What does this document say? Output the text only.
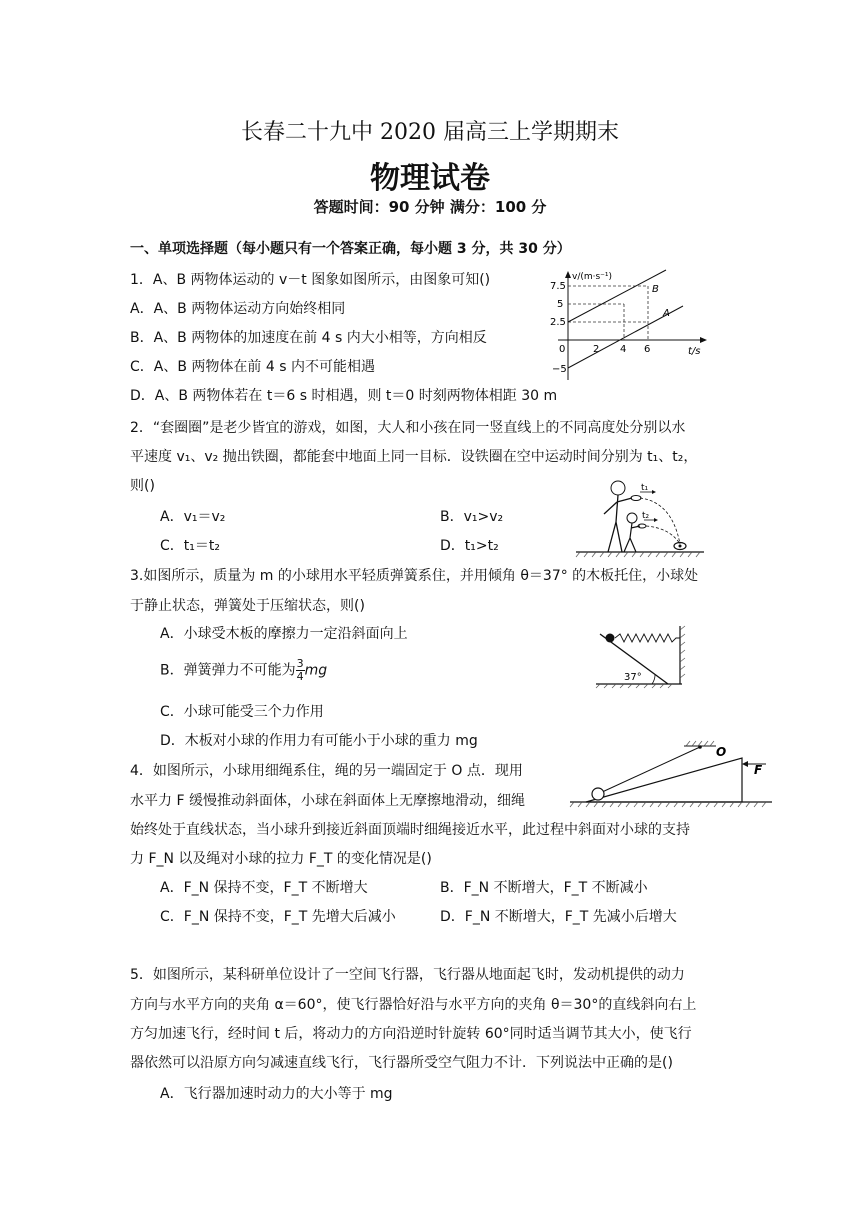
长春二十九中 2020 届高三上学期期末
物理试卷
答题时间：90 分钟 满分：100 分
一、单项选择题（每小题只有一个答案正确，每小题 3 分，共 30 分）
1．A、B 两物体运动的 v－t 图象如图所示，由图象可知()
A．A、B 两物体运动方向始终相同
B．A、B 两物体的加速度在前 4 s 内大小相等，方向相反
C．A、B 两物体在前 4 s 内不可能相遇
D．A、B 两物体若在 t＝6 s 时相遇，则 t＝0 时刻两物体相距 30 m
v/(m·s⁻¹)
t/s
7.5
5
2.5
0
−5
2 4 6
B
A
2．“套圈圈”是老少皆宜的游戏，如图，大人和小孩在同一竖直线上的不同高度处分别以水
平速度 v₁、v₂ 抛出铁圈，都能套中地面上同一目标．设铁圈在空中运动时间分别为 t₁、t₂，
则()
A．v₁＝v₂	B．v₁>v₂
C．t₁＝t₂	D．t₁>t₂
t₁
t₂
3.如图所示，质量为 m 的小球用水平轻质弹簧系住，并用倾角 θ＝37° 的木板托住，小球处
于静止状态，弹簧处于压缩状态，则()
A．小球受木板的摩擦力一定沿斜面向上
B．弹簧弹力不可能为 $\frac{3}{4}$ mg
C．小球可能受三个力作用
D．木板对小球的作用力有可能小于小球的重力 mg
37°
4．如图所示，小球用细绳系住，绳的另一端固定于 O 点．现用
水平力 F 缓慢推动斜面体，小球在斜面体上无摩擦地滑动，细绳
始终处于直线状态，当小球升到接近斜面顶端时细绳接近水平，此过程中斜面对小球的支持
力 F_N 以及绳对小球的拉力 F_T 的变化情况是()
A．F_N 保持不变，F_T 不断增大	B．F_N 不断增大，F_T 不断减小
C．F_N 保持不变，F_T 先增大后减小	D．F_N 不断增大，F_T 先减小后增大
O
F
5．如图所示，某科研单位设计了一空间飞行器，飞行器从地面起飞时，发动机提供的动力
方向与水平方向的夹角 α＝60°，使飞行器恰好沿与水平方向的夹角 θ＝30°的直线斜向右上
方匀加速飞行，经时间 t 后，将动力的方向沿逆时针旋转 60°同时适当调节其大小，使飞行
器依然可以沿原方向匀减速直线飞行，飞行器所受空气阻力不计．下列说法中正确的是()
A．飞行器加速时动力的大小等于 mg
